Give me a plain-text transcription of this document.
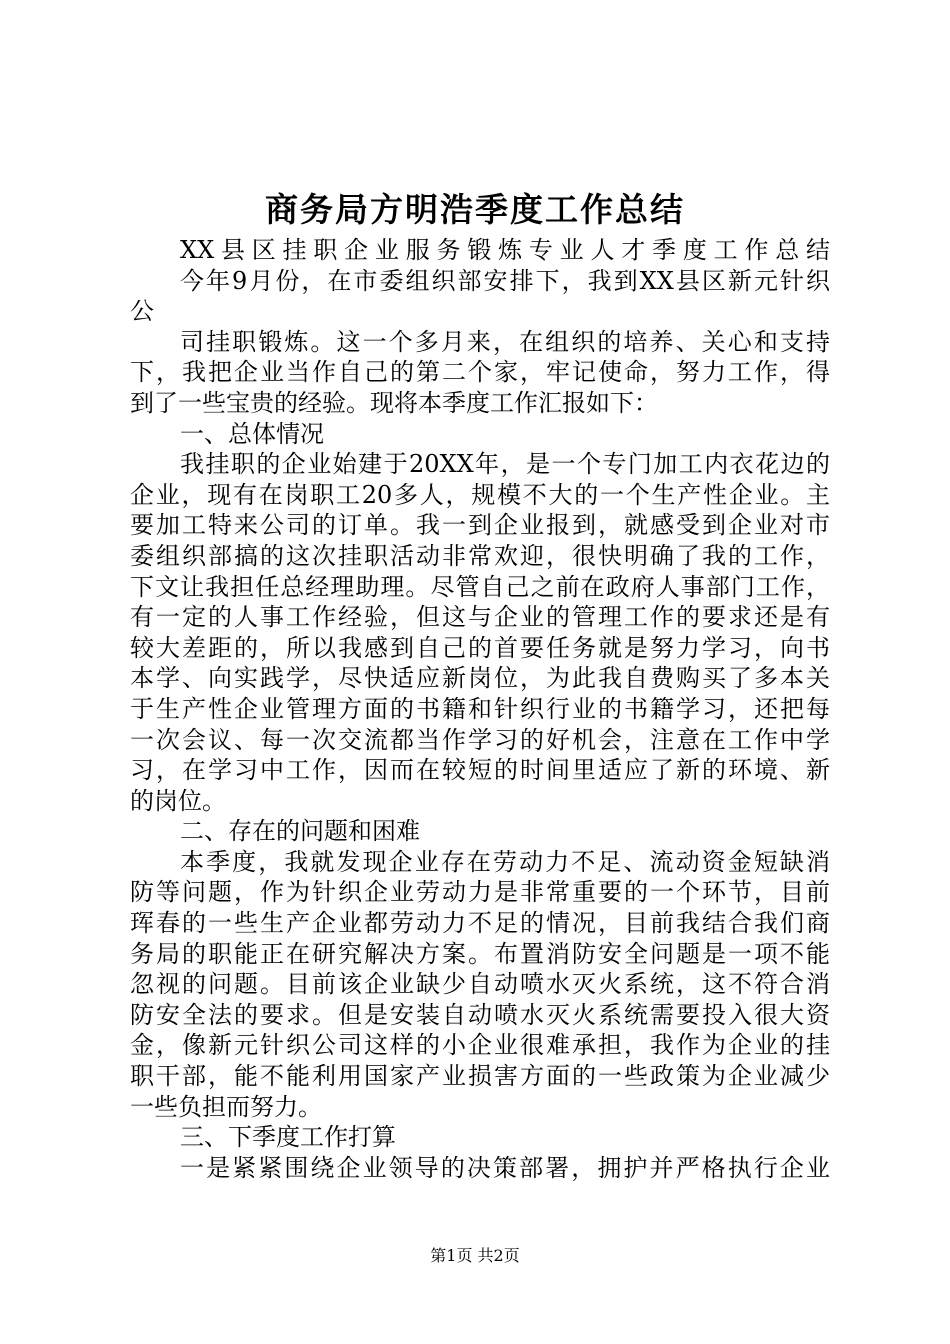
商务局方明浩季度工作总结
XX县区挂职企业服务锻炼专业人才季度工作总结
今年9月份，在市委组织部安排下，我到XX县区新元针织
公
司挂职锻炼。这一个多月来，在组织的培养、关心和支持
下，我把企业当作自己的第二个家，牢记使命，努力工作，得
到了一些宝贵的经验。现将本季度工作汇报如下：
一、总体情况
我挂职的企业始建于20XX年，是一个专门加工内衣花边的
企业，现有在岗职工20多人，规模不大的一个生产性企业。主
要加工特来公司的订单。我一到企业报到，就感受到企业对市
委组织部搞的这次挂职活动非常欢迎，很快明确了我的工作，
下文让我担任总经理助理。尽管自己之前在政府人事部门工作，
有一定的人事工作经验，但这与企业的管理工作的要求还是有
较大差距的，所以我感到自己的首要任务就是努力学习，向书
本学、向实践学，尽快适应新岗位，为此我自费购买了多本关
于生产性企业管理方面的书籍和针织行业的书籍学习，还把每
一次会议、每一次交流都当作学习的好机会，注意在工作中学
习，在学习中工作，因而在较短的时间里适应了新的环境、新
的岗位。
二、存在的问题和困难
本季度，我就发现企业存在劳动力不足、流动资金短缺消
防等问题，作为针织企业劳动力是非常重要的一个环节，目前
珲春的一些生产企业都劳动力不足的情况，目前我结合我们商
务局的职能正在研究解决方案。布置消防安全问题是一项不能
忽视的问题。目前该企业缺少自动喷水灭火系统，这不符合消
防安全法的要求。但是安装自动喷水灭火系统需要投入很大资
金，像新元针织公司这样的小企业很难承担，我作为企业的挂
职干部，能不能利用国家产业损害方面的一些政策为企业减少
一些负担而努力。
三、下季度工作打算
一是紧紧围绕企业领导的决策部署，拥护并严格执行企业
第1页 共2页
